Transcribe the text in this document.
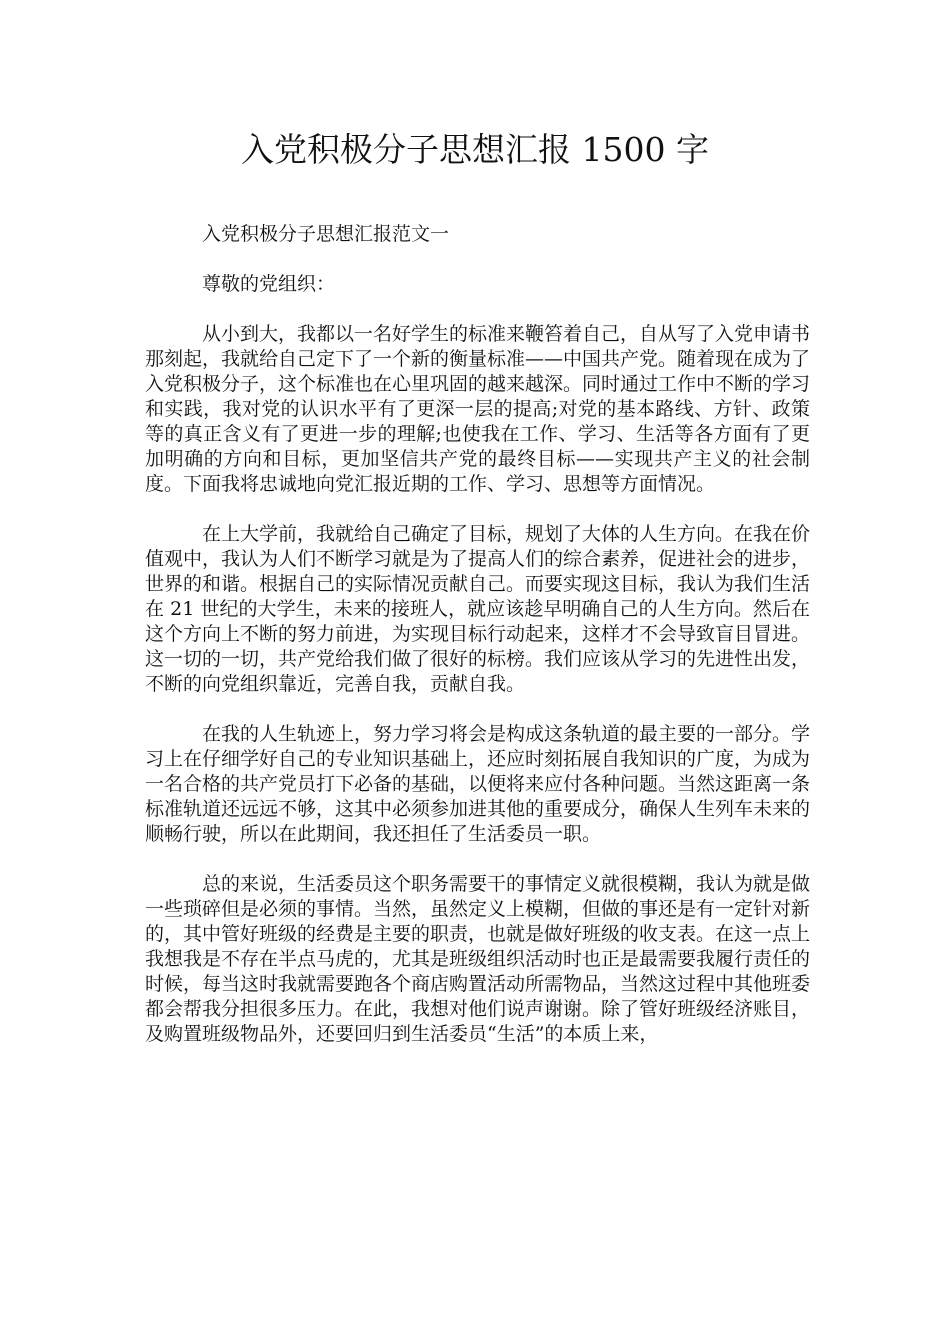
入党积极分子思想汇报 1500 字

入党积极分子思想汇报范文一

尊敬的党组织：

从小到大，我都以一名好学生的标准来鞭笞着自己，自从写了入党申请书那刻起，我就给自己定下了一个新的衡量标准——中国共产党。随着现在成为了入党积极分子，这个标准也在心里巩固的越来越深。同时通过工作中不断的学习和实践，我对党的认识水平有了更深一层的提高;对党的基本路线、方针、政策等的真正含义有了更进一步的理解;也使我在工作、学习、生活等各方面有了更加明确的方向和目标，更加坚信共产党的最终目标——实现共产主义的社会制度。下面我将忠诚地向党汇报近期的工作、学习、思想等方面情况。

在上大学前，我就给自己确定了目标，规划了大体的人生方向。在我在价值观中，我认为人们不断学习就是为了提高人们的综合素养，促进社会的进步，世界的和谐。根据自己的实际情况贡献自己。而要实现这目标，我认为我们生活在 21 世纪的大学生，未来的接班人，就应该趁早明确自己的人生方向。然后在这个方向上不断的努力前进，为实现目标行动起来，这样才不会导致盲目冒进。这一切的一切，共产党给我们做了很好的标榜。我们应该从学习的先进性出发，不断的向党组织靠近，完善自我，贡献自我。

在我的人生轨迹上，努力学习将会是构成这条轨道的最主要的一部分。学习上在仔细学好自己的专业知识基础上，还应时刻拓展自我知识的广度，为成为一名合格的共产党员打下必备的基础，以便将来应付各种问题。当然这距离一条标准轨道还远远不够，这其中必须参加进其他的重要成分，确保人生列车未来的顺畅行驶，所以在此期间，我还担任了生活委员一职。

总的来说，生活委员这个职务需要干的事情定义就很模糊，我认为就是做一些琐碎但是必须的事情。当然，虽然定义上模糊，但做的事还是有一定针对新的，其中管好班级的经费是主要的职责，也就是做好班级的收支表。在这一点上我想我是不存在半点马虎的，尤其是班级组织活动时也正是最需要我履行责任的时候，每当这时我就需要跑各个商店购置活动所需物品，当然这过程中其他班委都会帮我分担很多压力。在此，我想对他们说声谢谢。除了管好班级经济账目，及购置班级物品外，还要回归到生活委员“生活”的本质上来，
